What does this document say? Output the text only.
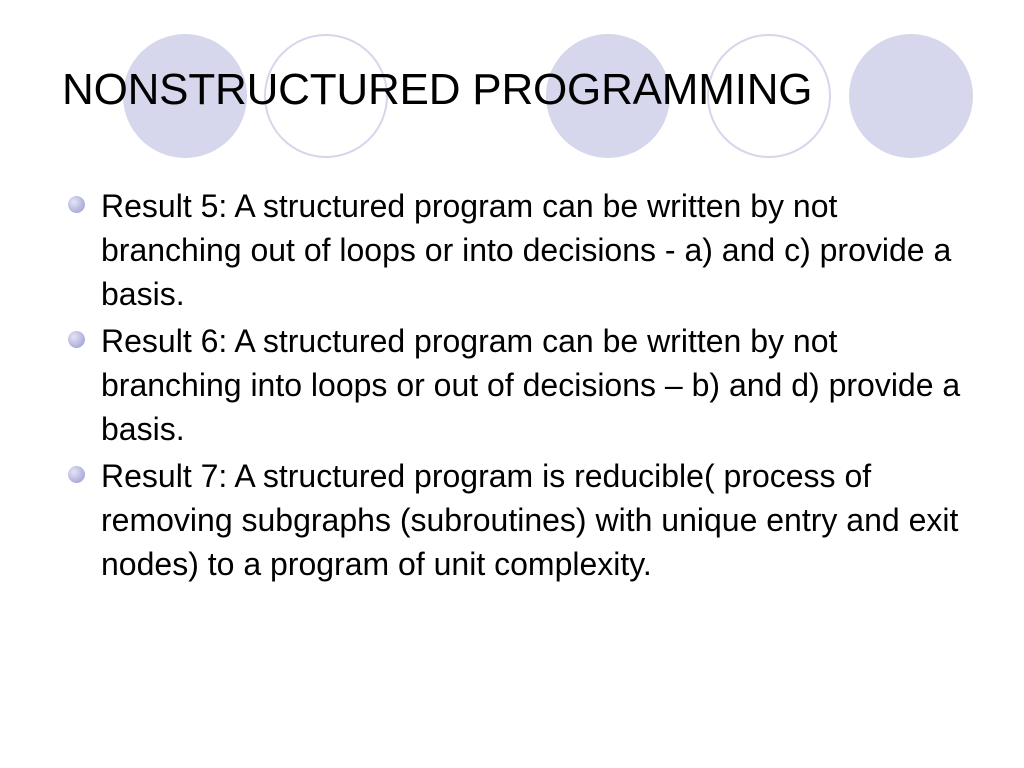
NONSTRUCTURED PROGRAMMING
Result 5: A structured program can be written by not branching out of loops or into decisions - a) and c) provide a basis.
Result 6: A structured program can be written by not branching into loops or out of decisions – b) and d) provide a basis.
Result 7: A structured program is reducible( process of removing subgraphs (subroutines) with unique entry and exit nodes) to a program of unit complexity.
